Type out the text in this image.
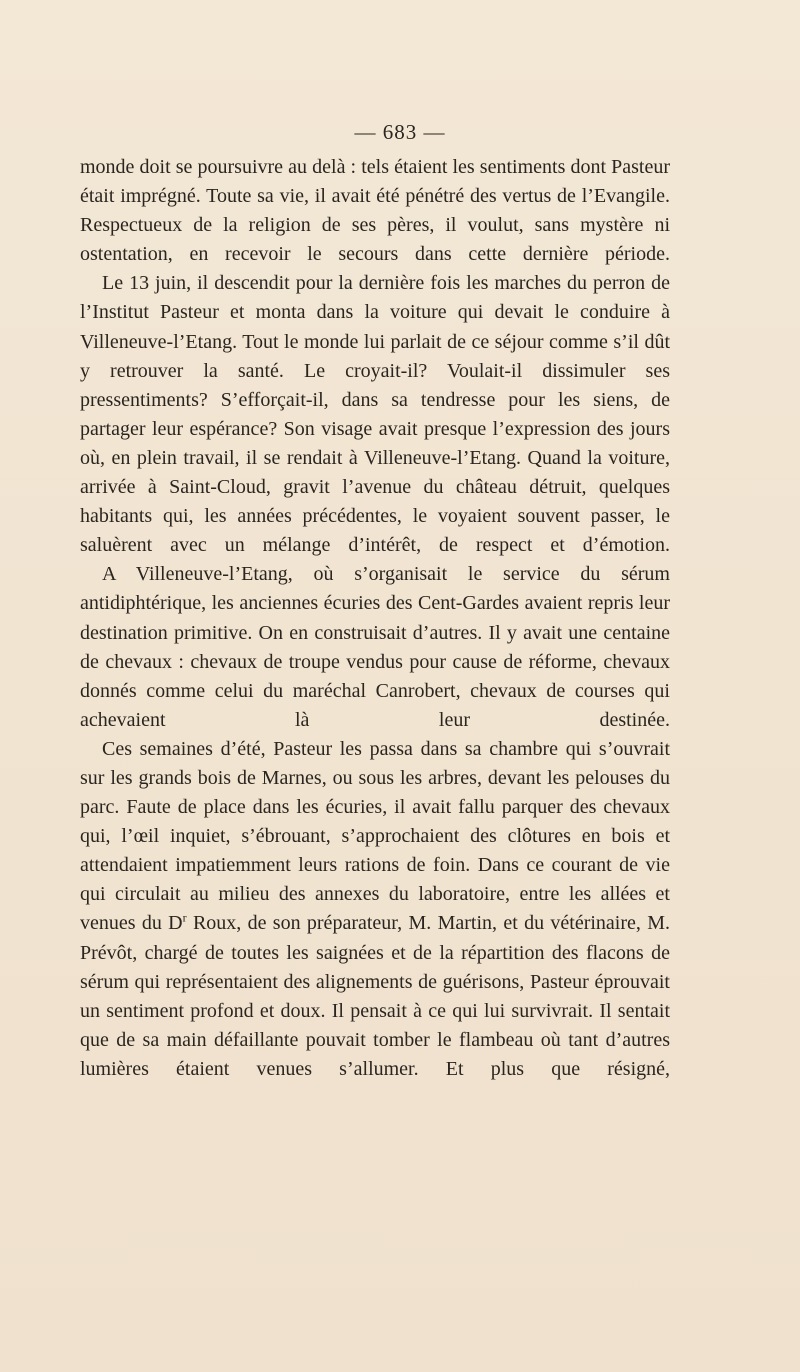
— 683 —

monde doit se poursuivre au delà : tels étaient les sentiments dont Pasteur était imprégné. Toute sa vie, il avait été pénétré des vertus de l’Evangile. Respectueux de la religion de ses pères, il voulut, sans mystère ni ostentation, en recevoir le secours dans cette dernière période.

Le 13 juin, il descendit pour la dernière fois les marches du perron de l’Institut Pasteur et monta dans la voiture qui devait le conduire à Villeneuve-l’Etang. Tout le monde lui parlait de ce séjour comme s’il dût y retrouver la santé. Le croyait-il? Voulait-il dissimuler ses pressentiments? S’efforçait-il, dans sa tendresse pour les siens, de partager leur espérance? Son visage avait presque l’expression des jours où, en plein travail, il se rendait à Villeneuve-l’Etang. Quand la voiture, arrivée à Saint-Cloud, gravit l’avenue du château détruit, quelques habitants qui, les années précédentes, le voyaient souvent passer, le saluèrent avec un mélange d’intérêt, de respect et d’émotion.

A Villeneuve-l’Etang, où s’organisait le service du sérum antidiphtérique, les anciennes écuries des Cent-Gardes avaient repris leur destination primitive. On en construisait d’autres. Il y avait une centaine de chevaux : chevaux de troupe vendus pour cause de réforme, chevaux donnés comme celui du maréchal Canrobert, chevaux de courses qui achevaient là leur destinée.

Ces semaines d’été, Pasteur les passa dans sa chambre qui s’ouvrait sur les grands bois de Marnes, ou sous les arbres, devant les pelouses du parc. Faute de place dans les écuries, il avait fallu parquer des chevaux qui, l’œil inquiet, s’ébrouant, s’approchaient des clôtures en bois et attendaient impatiemment leurs rations de foin. Dans ce courant de vie qui circulait au milieu des annexes du laboratoire, entre les allées et venues du $D^r$ Roux, de son préparateur, M. Martin, et du vétérinaire, M. Prévôt, chargé de toutes les saignées et de la répartition des flacons de sérum qui représentaient des alignements de guérisons, Pasteur éprouvait un sentiment profond et doux. Il pensait à ce qui lui survivrait. Il sentait que de sa main défaillante pouvait tomber le flambeau où tant d’autres lumières étaient venues s’allumer. Et plus que résigné,
